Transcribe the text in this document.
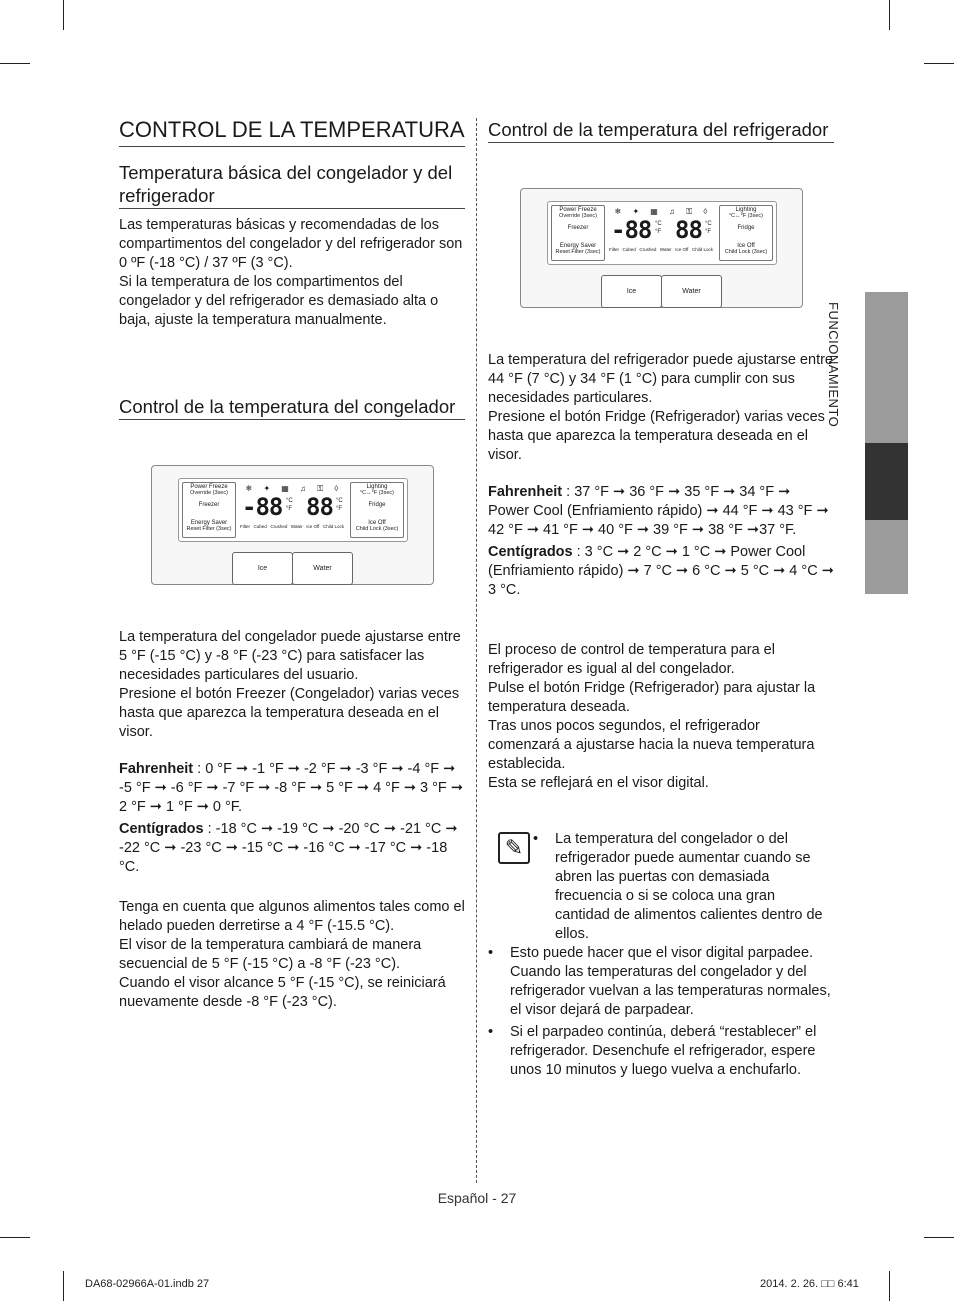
FUNCIONAMIENTO
CONTROL DE LA TEMPERATURA
Temperatura básica del congelador y del refrigerador

Las temperaturas básicas y recomendadas de los compartimentos del congelador y del refrigerador son 0 ºF (-18 °C) / 37 ºF (3 °C).

Si la temperatura de los compartimentos del congelador y del refrigerador es demasiado alta o baja, ajuste la temperatura manualmente.

Control de la temperatura del congelador
Power Freeze
Override (3sec)
Freezer
Energy Saver
Reset Filter (3sec)
❄ ✦ ▦ ♫ ⚿ ◊
-88 88
°C
°F
°C
°F
Filter Cubed Crushed Water Ice Off Child Lock
Lighting
°C↔°F (3sec)
Fridge
Ice Off
Child Lock (3sec)
Ice	Water

La temperatura del congelador puede ajustarse entre 5 °F (-15 °C) y -8 °F (-23 °C) para satisfacer las necesidades particulares del usuario.

Presione el botón Freezer (Congelador) varias veces hasta que aparezca la temperatura deseada en el visor.

Fahrenheit : 0 °F ➞ -1 °F ➞ -2 °F ➞ -3 °F ➞ -4 °F ➞ -5 °F ➞ -6 °F ➞ -7 °F ➞ -8 °F ➞ 5 °F ➞ 4 °F ➞ 3 °F ➞ 2 °F ➞ 1 °F ➞ 0 °F.

Centígrados : -18 °C ➞ -19 °C ➞ -20 °C ➞ -21 °C ➞ -22 °C ➞ -23 °C ➞ -15 °C ➞ -16 °C ➞ -17 °C ➞ -18 °C.

Tenga en cuenta que algunos alimentos tales como el helado pueden derretirse a 4 °F (-15.5 °C).

El visor de la temperatura cambiará de manera secuencial de 5 °F (-15 °C) a -8 °F (-23 °C).

Cuando el visor alcance 5 °F (-15 °C), se reiniciará nuevamente desde -8 °F (-23 °C).

Control de la temperatura del refrigerador
Power Freeze
Override (3sec)
Freezer
Energy Saver
Reset Filter (3sec)
❄ ✦ ▦ ♫ ⚿ ◊
-88 88
°C
°F
°C
°F
Filter Cubed Crushed Water Ice Off Child Lock
Lighting
°C↔°F (3sec)
Fridge
Ice Off
Child Lock (3sec)
Ice	Water

La temperatura del refrigerador puede ajustarse entre 44 °F (7 °C) y 34 °F (1 °C) para cumplir con sus necesidades particulares.

Presione el botón Fridge (Refrigerador) varias veces hasta que aparezca la temperatura deseada en el visor.

Fahrenheit : 37 °F ➞ 36 °F ➞ 35 °F ➞ 34 °F ➞ Power Cool (Enfriamiento rápido) ➞ 44 °F ➞ 43 °F ➞ 42 °F ➞ 41 °F ➞ 40 °F ➞ 39 °F ➞ 38 °F ➞37 °F.

Centígrados : 3 °C ➞ 2 °C ➞ 1 °C ➞ Power Cool (Enfriamiento rápido) ➞ 7 °C ➞ 6 °C ➞ 5 °C ➞ 4 °C ➞ 3 °C.

El proceso de control de temperatura para el refrigerador es igual al del congelador.

Pulse el botón Fridge (Refrigerador) para ajustar la temperatura deseada.

Tras unos pocos segundos, el refrigerador comenzará a ajustarse hacia la nueva temperatura establecida.

Esta se reflejará en el visor digital.

✎ • La temperatura del congelador o del refrigerador puede aumentar cuando se abren las puertas con demasiada frecuencia o si se coloca una gran cantidad de alimentos calientes dentro de ellos.
• Esto puede hacer que el visor digital parpadee. Cuando las temperaturas del congelador y del refrigerador vuelvan a las temperaturas normales, el visor dejará de parpadear.
• Si el parpadeo continúa, deberá “restablecer” el refrigerador. Desenchufe el refrigerador, espere unos 10 minutos y luego vuelva a enchufarlo.
Español - 27
DA68-02966A-01.indb 27	2014. 2. 26. □□ 6:41
